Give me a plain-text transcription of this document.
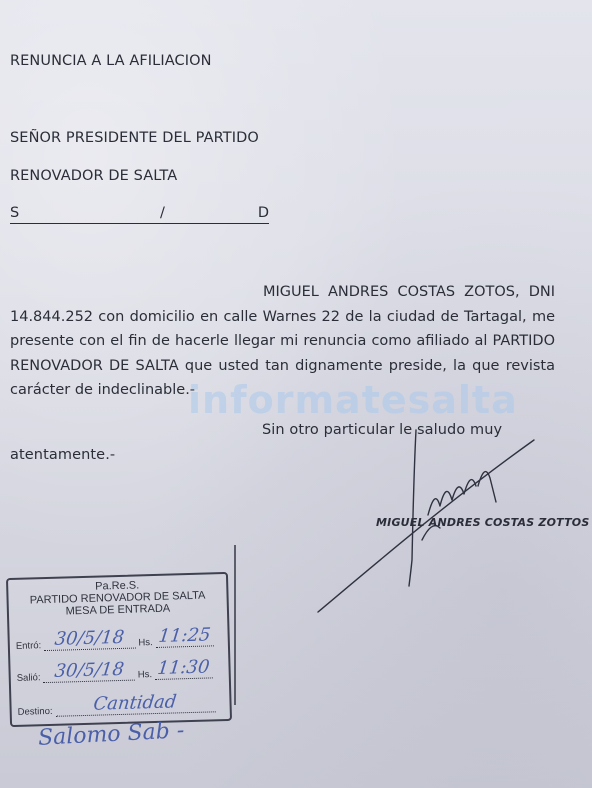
RENUNCIA A LA AFILIACION
SEÑOR PRESIDENTE DEL PARTIDO
RENOVADOR DE SALTA
S	/	D
MIGUEL ANDRES COSTAS ZOTOS, DNI
14.844.252 con domicilio en calle Warnes 22 de la ciudad de Tartagal, me
presente con el fin de hacerle llegar mi renuncia como afiliado al PARTIDO
RENOVADOR DE SALTA que usted tan dignamente preside, la que revista
carácter de indeclinable.-
informatesalta
Sin otro particular le saludo muy
atentamente.-
MIGUEL ANDRES COSTAS ZOTTOS
Pa.Re.S.
PARTIDO RENOVADOR DE SALTA
MESA DE ENTRADA
Entró: 30/5/18 Hs. 11:25
Salió: 30/5/18 Hs. 11:30
Destino: Cantidad
Salomo Sab -
